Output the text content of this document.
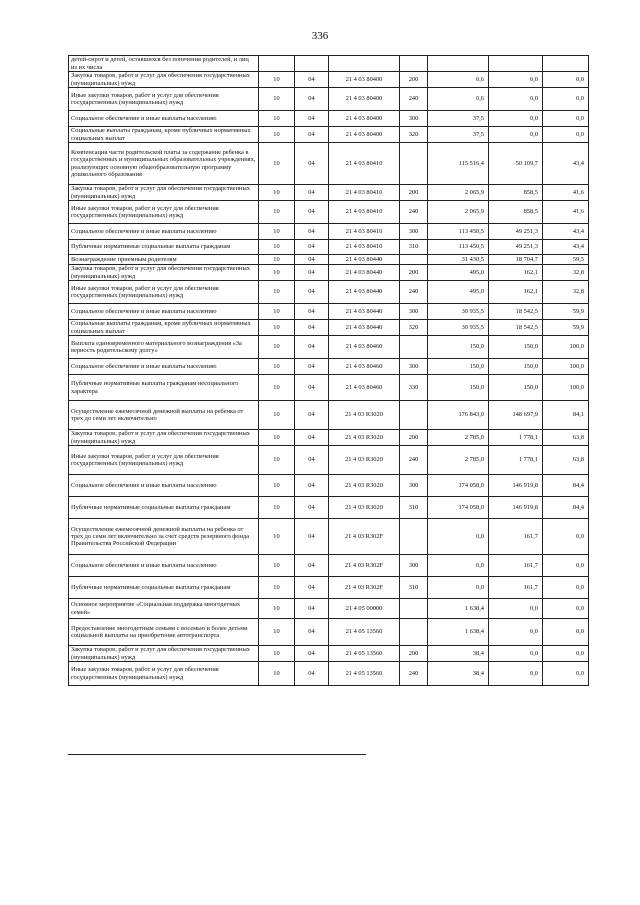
336
детей-сирот и детей, оставшихся без попечения родителей, и лиц из их числа							
Закупка товаров, работ и услуг для обеспечения государственных (муниципальных) нужд	10	04	21 4 03 80400	200	0,6	0,0	0,0
Иные закупки товаров, работ и услуг для обеспечения государственных (муниципальных) нужд	10	04	21 4 03 80400	240	0,6	0,0	0,0
Социальное обеспечение и иные выплаты населению	10	04	21 4 03 80400	300	37,5	0,0	0,0
Социальные выплаты гражданам, кроме публичных нормативных социальных выплат	10	04	21 4 03 80400	320	37,5	0,0	0,0
Компенсация части родительской платы за содержание ребенка в государственных и муниципальных образовательных учреждениях, реализующих основную общеобразовательную программу дошкольного образования	10	04	21 4 03 80410		115 516,4	50 109,7	43,4
Закупка товаров, работ и услуг для обеспечения государственных (муниципальных) нужд	10	04	21 4 03 80410	200	2 065,9	858,5	41,6
Иные закупки товаров, работ и услуг для обеспечения государственных (муниципальных) нужд	10	04	21 4 03 80410	240	2 065,9	858,5	41,6
Социальное обеспечение и иные выплаты населению	10	04	21 4 03 80410	300	113 450,5	49 251,3	43,4
Публичные нормативные социальные выплаты гражданам	10	04	21 4 03 80410	310	113 450,5	49 251,3	43,4
Вознаграждение приемным родителям	10	04	21 4 03 80440		31 430,5	18 704,7	59,5
Закупка товаров, работ и услуг для обеспечения государственных (муниципальных) нужд	10	04	21 4 03 80440	200	495,0	162,1	32,8
Иные закупки товаров, работ и услуг для обеспечения государственных (муниципальных) нужд	10	04	21 4 03 80440	240	495,0	162,1	32,8
Социальное обеспечение и иные выплаты населению	10	04	21 4 03 80440	300	30 935,5	18 542,5	59,9
Социальные выплаты гражданам, кроме публичных нормативных социальных выплат	10	04	21 4 03 80440	320	30 935,5	18 542,5	59,9
Выплата единовременного материального вознаграждения «За верность родительскому долгу»	10	04	21 4 03 80460		150,0	150,0	100,0
Социальное обеспечение и иные выплаты населению	10	04	21 4 03 80460	300	150,0	150,0	100,0
Публичные нормативные выплаты гражданам несоциального характера	10	04	21 4 03 80460	330	150,0	150,0	100,0
Осуществление ежемесячной денежной выплаты на ребенка от трех до семи лет включительно	10	04	21 4 03 R3020		176 843,0	148 697,9	84,1
Закупка товаров, работ и услуг для обеспечения государственных (муниципальных) нужд	10	04	21 4 03 R3020	200	2 785,0	1 778,1	63,8
Иные закупки товаров, работ и услуг для обеспечения государственных (муниципальных) нужд	10	04	21 4 03 R3020	240	2 785,0	1 778,1	63,8
Социальное обеспечение и иные выплаты населению	10	04	21 4 03 R3020	300	174 058,0	146 919,8	84,4
Публичные нормативные социальные выплаты гражданам	10	04	21 4 03 R3020	310	174 058,0	146 919,8	84,4
Осуществление ежемесячной денежной выплаты на ребенка от трех до семи лет включительно за счет средств резервного фонда Правительства Российской Федерации	10	04	21 4 03 R302F		0,0	161,7	0,0
Социальное обеспечение и иные выплаты населению	10	04	21 4 03 R302F	300	0,0	161,7	0,0
Публичные нормативные социальные выплаты гражданам	10	04	21 4 03 R302F	310	0,0	161,7	0,0
Основное мероприятие «Социальная поддержка многодетных семей»	10	04	21 4 05 00000		1 638,4	0,0	0,0
Предоставление многодетным семьям с восемью и более детьми социальной выплаты на приобретение автотранспорта	10	04	21 4 05 13560		1 638,4	0,0	0,0
Закупка товаров, работ и услуг для обеспечения государственных (муниципальных) нужд	10	04	21 4 05 13560	200	38,4	0,0	0,0
Иные закупки товаров, работ и услуг для обеспечения государственных (муниципальных) нужд	10	04	21 4 05 13560	240	38,4	0,0	0,0
